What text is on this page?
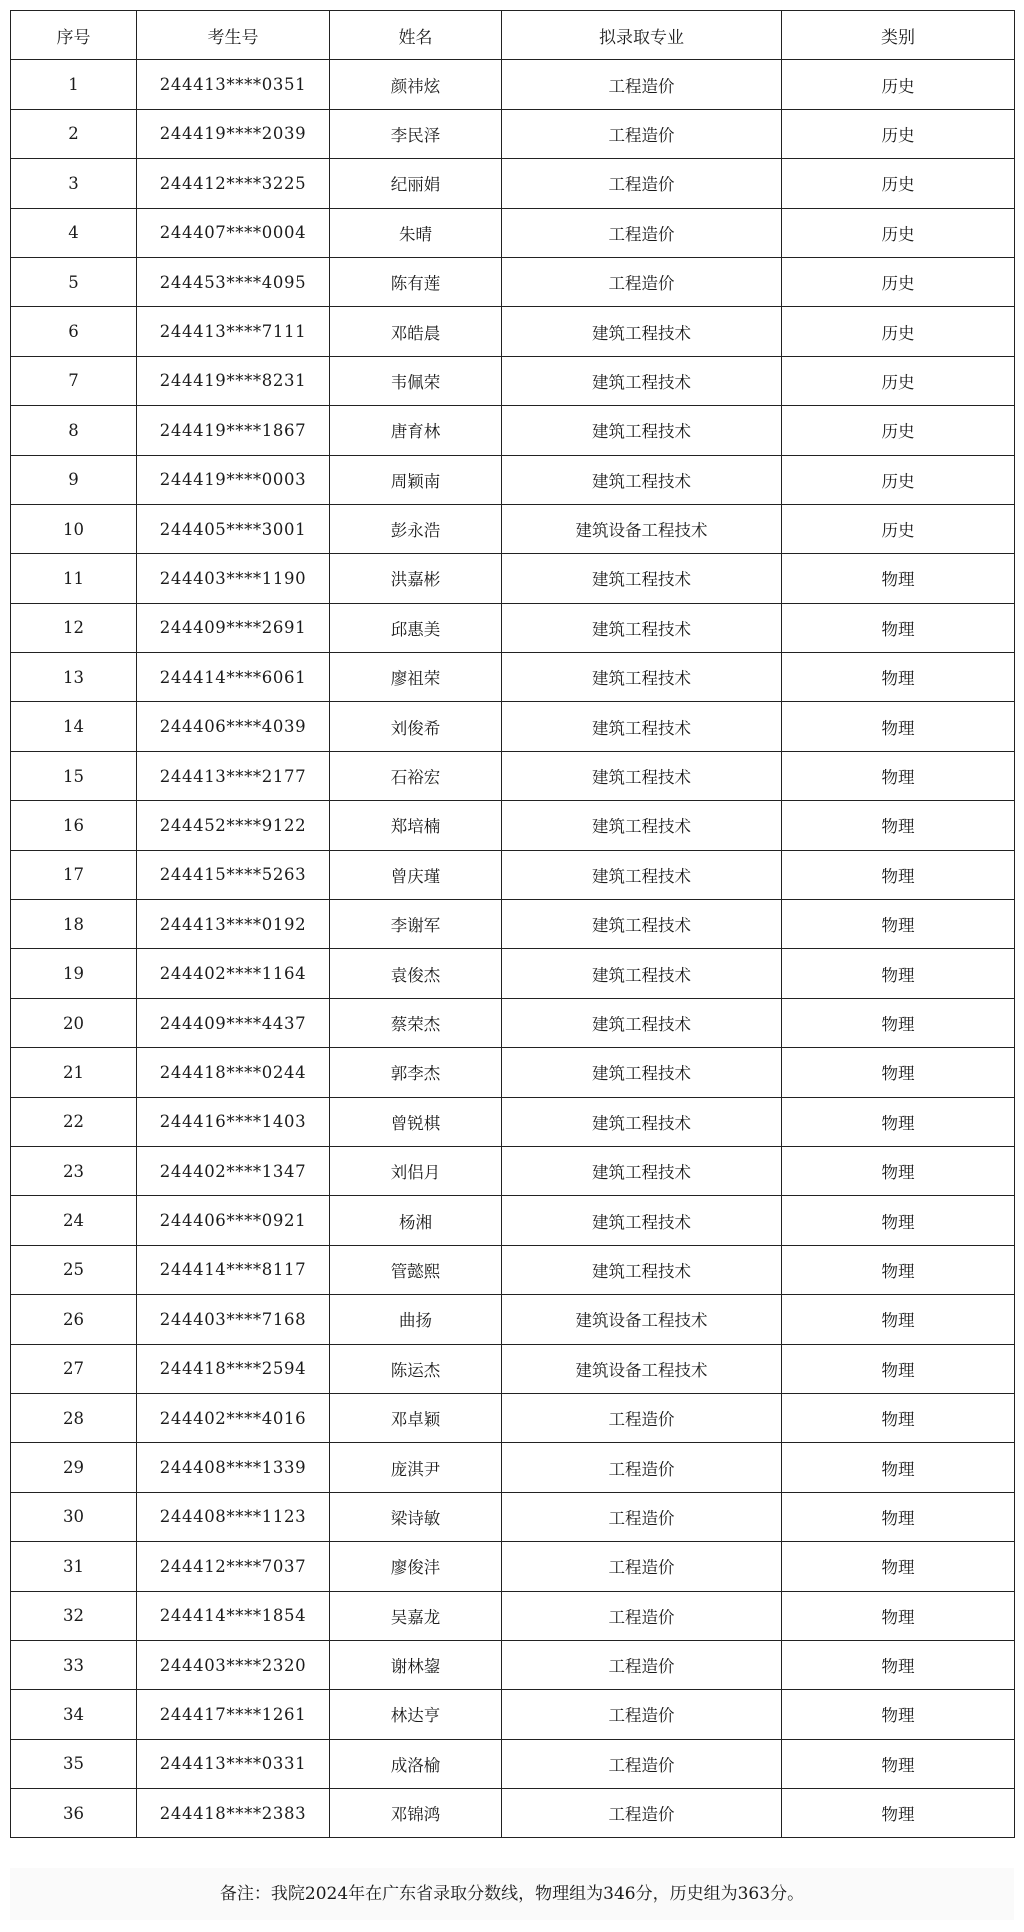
序号	考生号	姓名	拟录取专业	类别
1	244413****0351	颜祎炫	工程造价	历史
2	244419****2039	李民泽	工程造价	历史
3	244412****3225	纪丽娟	工程造价	历史
4	244407****0004	朱晴	工程造价	历史
5	244453****4095	陈有莲	工程造价	历史
6	244413****7111	邓皓晨	建筑工程技术	历史
7	244419****8231	韦佩荣	建筑工程技术	历史
8	244419****1867	唐育林	建筑工程技术	历史
9	244419****0003	周颖南	建筑工程技术	历史
10	244405****3001	彭永浩	建筑设备工程技术	历史
11	244403****1190	洪嘉彬	建筑工程技术	物理
12	244409****2691	邱惠美	建筑工程技术	物理
13	244414****6061	廖祖荣	建筑工程技术	物理
14	244406****4039	刘俊希	建筑工程技术	物理
15	244413****2177	石裕宏	建筑工程技术	物理
16	244452****9122	郑培楠	建筑工程技术	物理
17	244415****5263	曾庆瑾	建筑工程技术	物理
18	244413****0192	李谢军	建筑工程技术	物理
19	244402****1164	袁俊杰	建筑工程技术	物理
20	244409****4437	蔡荣杰	建筑工程技术	物理
21	244418****0244	郭李杰	建筑工程技术	物理
22	244416****1403	曾锐棋	建筑工程技术	物理
23	244402****1347	刘侣月	建筑工程技术	物理
24	244406****0921	杨湘	建筑工程技术	物理
25	244414****8117	管懿熙	建筑工程技术	物理
26	244403****7168	曲扬	建筑设备工程技术	物理
27	244418****2594	陈运杰	建筑设备工程技术	物理
28	244402****4016	邓卓颖	工程造价	物理
29	244408****1339	庞淇尹	工程造价	物理
30	244408****1123	梁诗敏	工程造价	物理
31	244412****7037	廖俊沣	工程造价	物理
32	244414****1854	吴嘉龙	工程造价	物理
33	244403****2320	谢林鋆	工程造价	物理
34	244417****1261	林达亨	工程造价	物理
35	244413****0331	成洛榆	工程造价	物理
36	244418****2383	邓锦鸿	工程造价	物理
备注：我院2024年在广东省录取分数线，物理组为346分，历史组为363分。
